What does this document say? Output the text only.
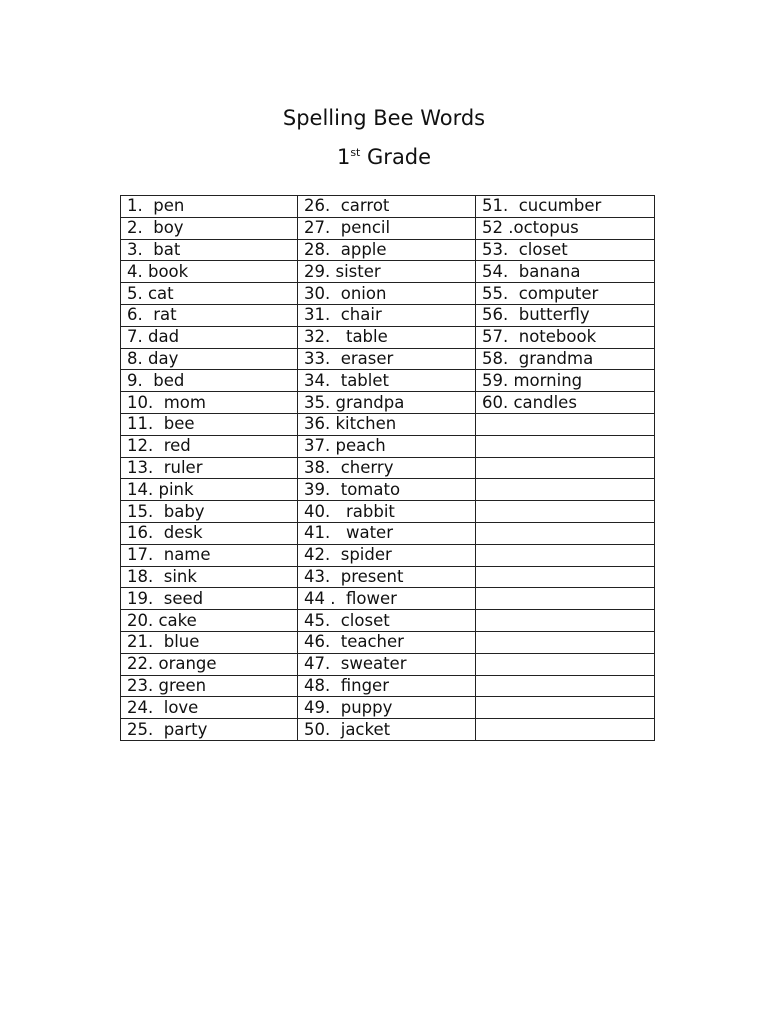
Spelling Bee Words
1st Grade
1.  pen	26.  carrot	51.  cucumber
2.  boy	27.  pencil	52 .octopus
3.  bat	28.  apple	53.  closet
4. book	29. sister	54.  banana
5. cat	30.  onion	55.  computer
6.  rat	31.  chair	56.  butterfly
7. dad	32.   table	57.  notebook
8. day	33.  eraser	58.  grandma
9.  bed	34.  tablet	59. morning
10.  mom	35. grandpa	60. candles
11.  bee	36. kitchen	
12.  red	37. peach	
13.  ruler	38.  cherry	
14. pink	39.  tomato	
15.  baby	40.   rabbit	
16.  desk	41.   water	
17.  name	42.  spider	
18.  sink	43.  present	
19.  seed	44 .  flower	
20. cake	45.  closet	
21.  blue	46.  teacher	
22. orange	47.  sweater	
23. green	48.  finger	
24.  love	49.  puppy	
25.  party	50.  jacket	
